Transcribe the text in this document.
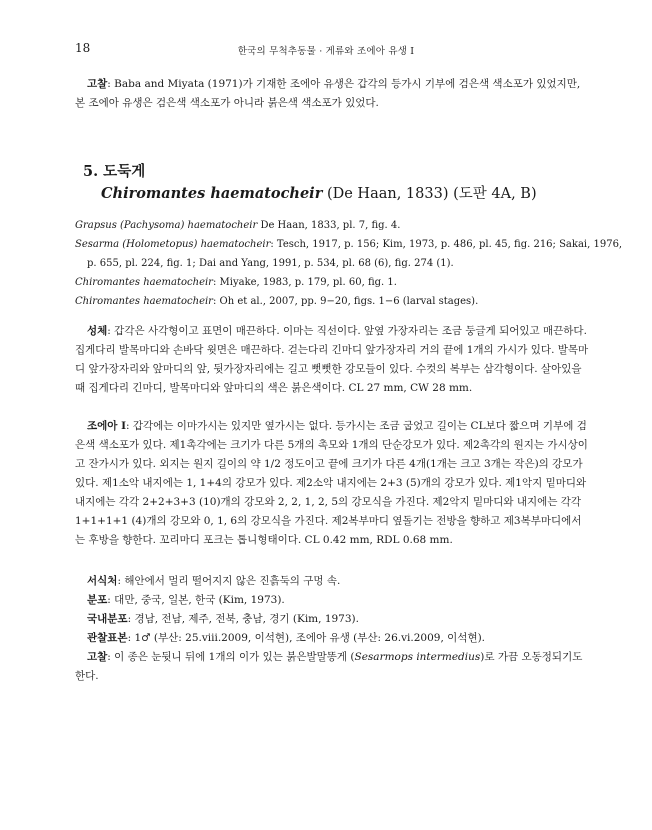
18	한국의 무척추동물 · 게류와 조에아 유생 I

고찰: Baba and Miyata (1971)가 기재한 조에아 유생은 갑각의 등가시 기부에 검은색 색소포가 있었지만, 본 조에아 유생은 검은색 색소포가 아니라 붉은색 색소포가 있었다.

5. 도둑게
Chiromantes haematocheir (De Haan, 1833) (도판 4A, B)
Grapsus (Pachysoma) haematocheir De Haan, 1833, pl. 7, fig. 4.
Sesarma (Holometopus) haematocheir: Tesch, 1917, p. 156; Kim, 1973, p. 486, pl. 45, fig. 216; Sakai, 1976,
p. 655, pl. 224, fig. 1; Dai and Yang, 1991, p. 534, pl. 68 (6), fig. 274 (1).
Chiromantes haematocheir: Miyake, 1983, p. 179, pl. 60, fig. 1.
Chiromantes haematocheir: Oh et al., 2007, pp. 9−20, figs. 1−6 (larval stages).

성체: 갑각은 사각형이고 표면이 매끈하다. 이마는 직선이다. 앞옆 가장자리는 조금 둥글게 되어있고 매끈하다. 집게다리 발목마디와 손바닥 윗면은 매끈하다. 걷는다리 긴마디 앞가장자리 거의 끝에 1개의 가시가 있다. 발목마디 앞가장자리와 앞마디의 앞, 뒷가장자리에는 길고 뻣뻣한 강모들이 있다. 수컷의 복부는 삼각형이다. 살아있을 때 집게다리 긴마디, 발목마디와 앞마디의 색은 붉은색이다. CL 27 mm, CW 28 mm.

조에아 I: 갑각에는 이마가시는 있지만 옆가시는 없다. 등가시는 조금 굽었고 길이는 CL보다 짧으며 기부에 검은색 색소포가 있다. 제1촉각에는 크기가 다른 5개의 촉모와 1개의 단순강모가 있다. 제2촉각의 원지는 가시상이고 잔가시가 있다. 외지는 원지 길이의 약 1/2 정도이고 끝에 크기가 다른 4개(1개는 크고 3개는 작은)의 강모가 있다. 제1소악 내지에는 1, 1+4의 강모가 있다. 제2소악 내지에는 2+3 (5)개의 강모가 있다. 제1악지 밑마디와 내지에는 각각 2+2+3+3 (10)개의 강모와 2, 2, 1, 2, 5의 강모식을 가진다. 제2악지 밑마디와 내지에는 각각 1+1+1+1 (4)개의 강모와 0, 1, 6의 강모식을 가진다. 제2복부마디 옆돌기는 전방을 향하고 제3복부마디에서는 후방을 향한다. 꼬리마디 포크는 톱니형태이다. CL 0.42 mm, RDL 0.68 mm.

서식처: 해안에서 멀리 떨어지지 않은 진흙둑의 구멍 속.
분포: 대만, 중국, 일본, 한국 (Kim, 1973).
국내분포: 경남, 전남, 제주, 전북, 충남, 경기 (Kim, 1973).
관찰표본: 1♂ (부산: 25.viii.2009, 이석현), 조에아 유생 (부산: 26.vi.2009, 이석현).
고찰: 이 종은 눈뒷니 뒤에 1개의 이가 있는 붉은발말똥게 (Sesarmops intermedius)로 가끔 오동정되기도 한다.
